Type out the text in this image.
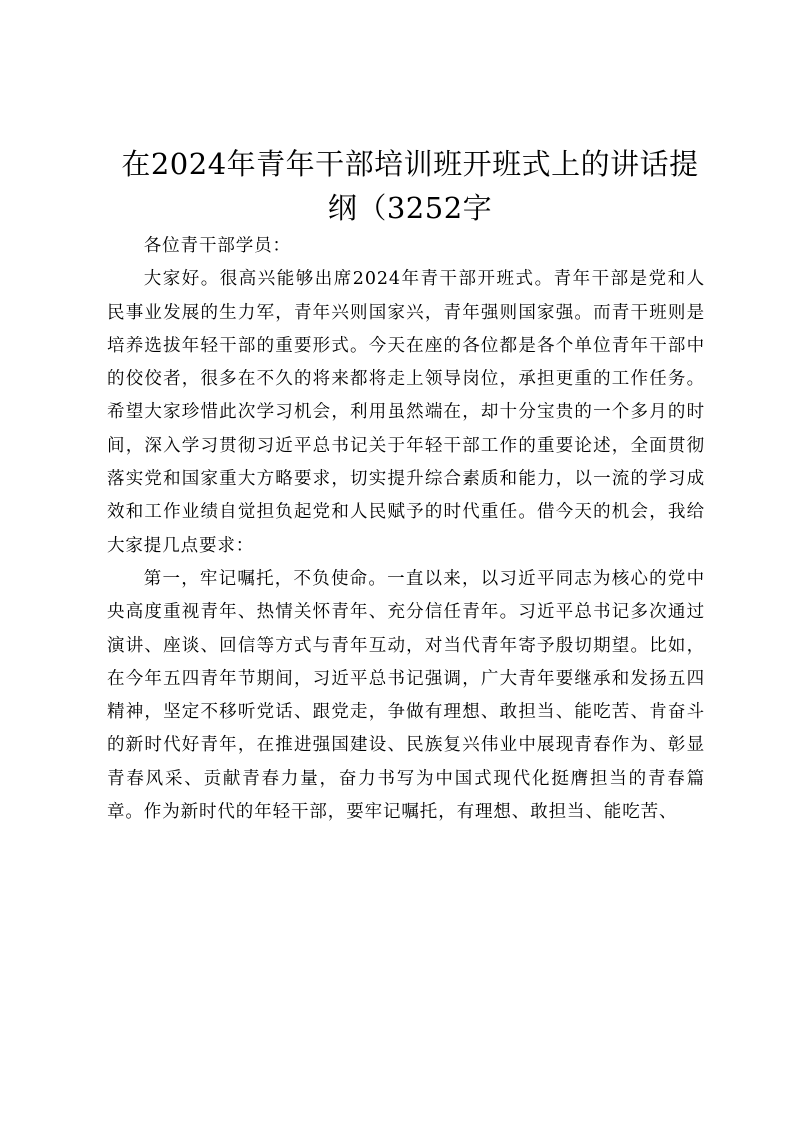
在2024年青年干部培训班开班式上的讲话提
纲（3252字

各位青干部学员：

大家好。很高兴能够出席2024年青干部开班式。青年干部是党和人民事业发展的生力军，青年兴则国家兴，青年强则国家强。而青干班则是培养选拔年轻干部的重要形式。今天在座的各位都是各个单位青年干部中的佼佼者，很多在不久的将来都将走上领导岗位，承担更重的工作任务。希望大家珍惜此次学习机会，利用虽然端在，却十分宝贵的一个多月的时间，深入学习贯彻习近平总书记关于年轻干部工作的重要论述，全面贯彻落实党和国家重大方略要求，切实提升综合素质和能力，以一流的学习成效和工作业绩自觉担负起党和人民赋予的时代重任。借今天的机会，我给大家提几点要求：

第一，牢记嘱托，不负使命。一直以来，以习近平同志为核心的党中央高度重视青年、热情关怀青年、充分信任青年。习近平总书记多次通过演讲、座谈、回信等方式与青年互动，对当代青年寄予殷切期望。比如，在今年五四青年节期间，习近平总书记强调，广大青年要继承和发扬五四精神，坚定不移听党话、跟党走，争做有理想、敢担当、能吃苦、肯奋斗的新时代好青年，在推进强国建设、民族复兴伟业中展现青春作为、彰显青春风采、贡献青春力量，奋力书写为中国式现代化挺膺担当的青春篇章。作为新时代的年轻干部，要牢记嘱托，有理想、敢担当、能吃苦、
